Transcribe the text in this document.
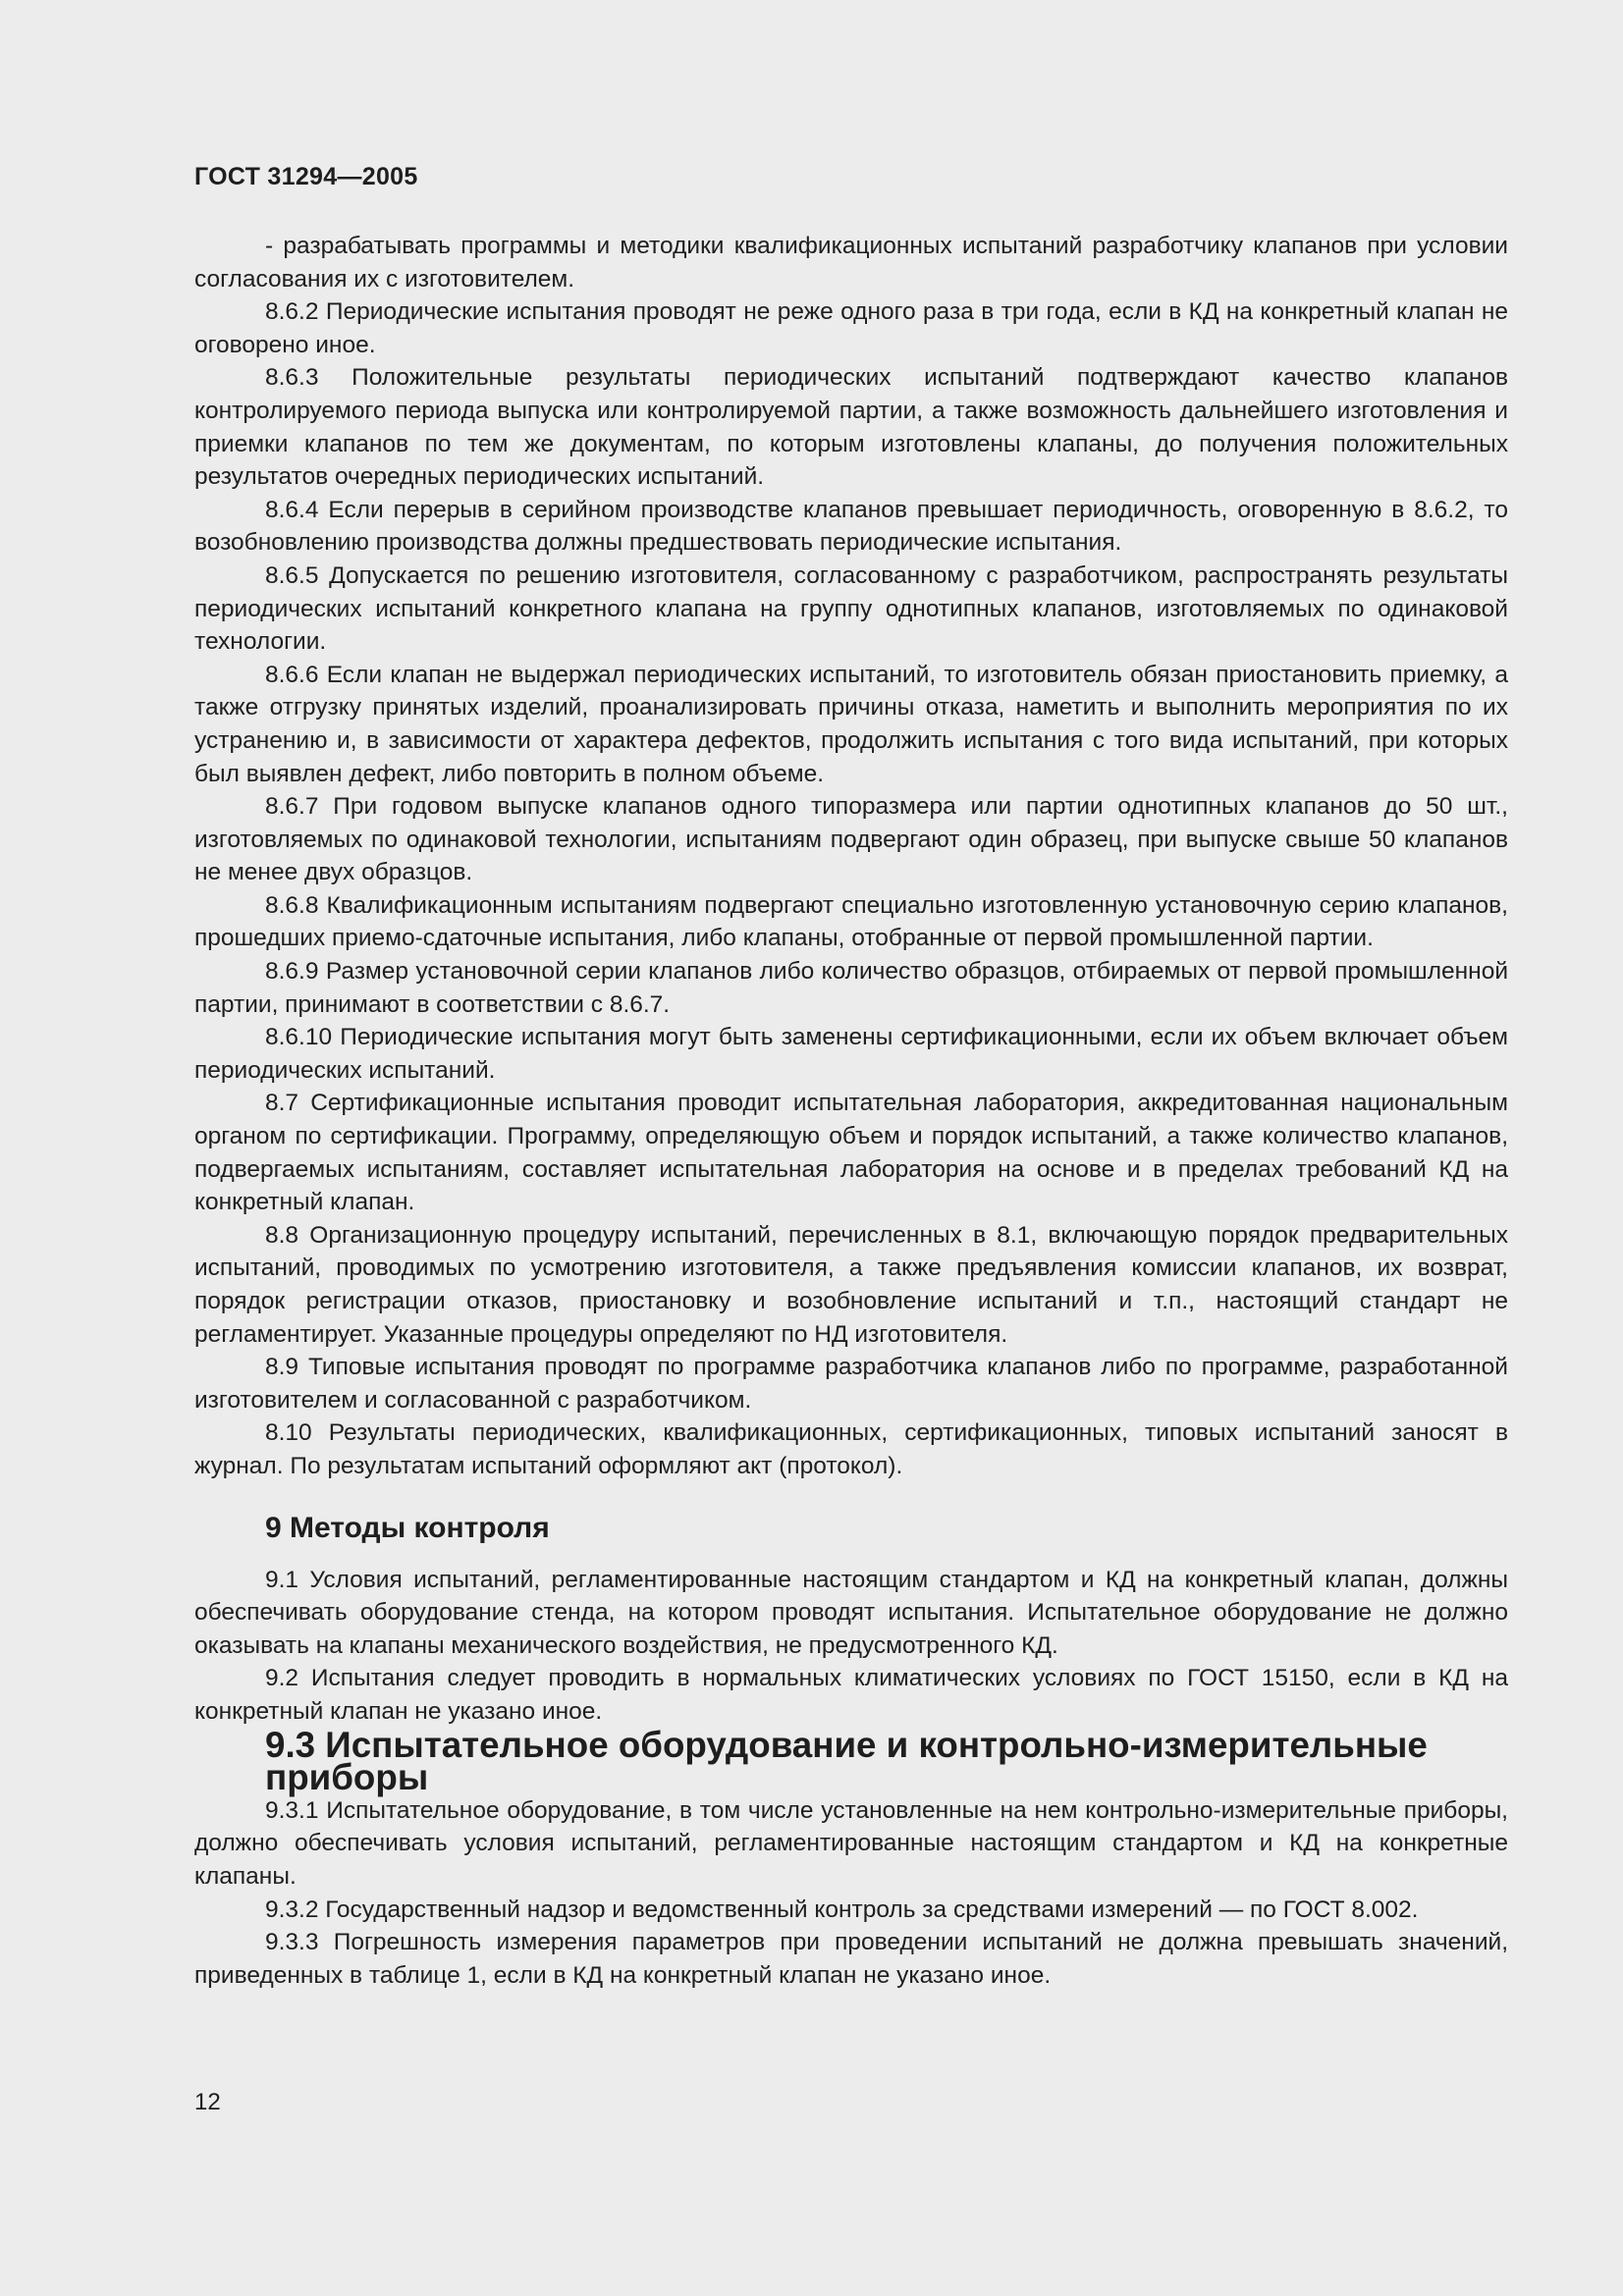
ГОСТ 31294—2005

- разрабатывать программы и методики квалификационных испытаний разработчику клапанов при условии согласования их с изготовителем.

8.6.2 Периодические испытания проводят не реже одного раза в три года, если в КД на конкретный клапан не оговорено иное.

8.6.3 Положительные результаты периодических испытаний подтверждают качество клапанов контролируемого периода выпуска или контролируемой партии, а также возможность дальнейшего изготовления и приемки клапанов по тем же документам, по которым изготовлены клапаны, до получения положительных результатов очередных периодических испытаний.

8.6.4 Если перерыв в серийном производстве клапанов превышает периодичность, оговоренную в 8.6.2, то возобновлению производства должны предшествовать периодические испытания.

8.6.5 Допускается по решению изготовителя, согласованному с разработчиком, распространять результаты периодических испытаний конкретного клапана на группу однотипных клапанов, изготовляемых по одинаковой технологии.

8.6.6 Если клапан не выдержал периодических испытаний, то изготовитель обязан приостановить приемку, а также отгрузку принятых изделий, проанализировать причины отказа, наметить и выполнить мероприятия по их устранению и, в зависимости от характера дефектов, продолжить испытания с того вида испытаний, при которых был выявлен дефект, либо повторить в полном объеме.

8.6.7 При годовом выпуске клапанов одного типоразмера или партии однотипных клапанов до 50 шт., изготовляемых по одинаковой технологии, испытаниям подвергают один образец, при выпуске свыше 50 клапанов не менее двух образцов.

8.6.8 Квалификационным испытаниям подвергают специально изготовленную установочную серию клапанов, прошедших приемо-сдаточные испытания, либо клапаны, отобранные от первой промышленной партии.

8.6.9 Размер установочной серии клапанов либо количество образцов, отбираемых от первой промышленной партии, принимают в соответствии с 8.6.7.

8.6.10 Периодические испытания могут быть заменены сертификационными, если их объем включает объем периодических испытаний.

8.7 Сертификационные испытания проводит испытательная лаборатория, аккредитованная национальным органом по сертификации. Программу, определяющую объем и порядок испытаний, а также количество клапанов, подвергаемых испытаниям, составляет испытательная лаборатория на основе и в пределах требований КД на конкретный клапан.

8.8 Организационную процедуру испытаний, перечисленных в 8.1, включающую порядок предварительных испытаний, проводимых по усмотрению изготовителя, а также предъявления комиссии клапанов, их возврат, порядок регистрации отказов, приостановку и возобновление испытаний и т.п., настоящий стандарт не регламентирует. Указанные процедуры определяют по НД изготовителя.

8.9 Типовые испытания проводят по программе разработчика клапанов либо по программе, разработанной изготовителем и согласованной с разработчиком.

8.10 Результаты периодических, квалификационных, сертификационных, типовых испытаний заносят в журнал. По результатам испытаний оформляют акт (протокол).

9 Методы контроля

9.1 Условия испытаний, регламентированные настоящим стандартом и КД на конкретный клапан, должны обеспечивать оборудование стенда, на котором проводят испытания. Испытательное оборудование не должно оказывать на клапаны механического воздействия, не предусмотренного КД.

9.2 Испытания следует проводить в нормальных климатических условиях по ГОСТ 15150, если в КД на конкретный клапан не указано иное.

9.3 Испытательное оборудование и контрольно-измерительные приборы

9.3.1 Испытательное оборудование, в том числе установленные на нем контрольно-измерительные приборы, должно обеспечивать условия испытаний, регламентированные настоящим стандартом и КД на конкретные клапаны.

9.3.2 Государственный надзор и ведомственный контроль за средствами измерений — по ГОСТ 8.002.

9.3.3 Погрешность измерения параметров при проведении испытаний не должна превышать значений, приведенных в таблице 1, если в КД на конкретный клапан не указано иное.

12
